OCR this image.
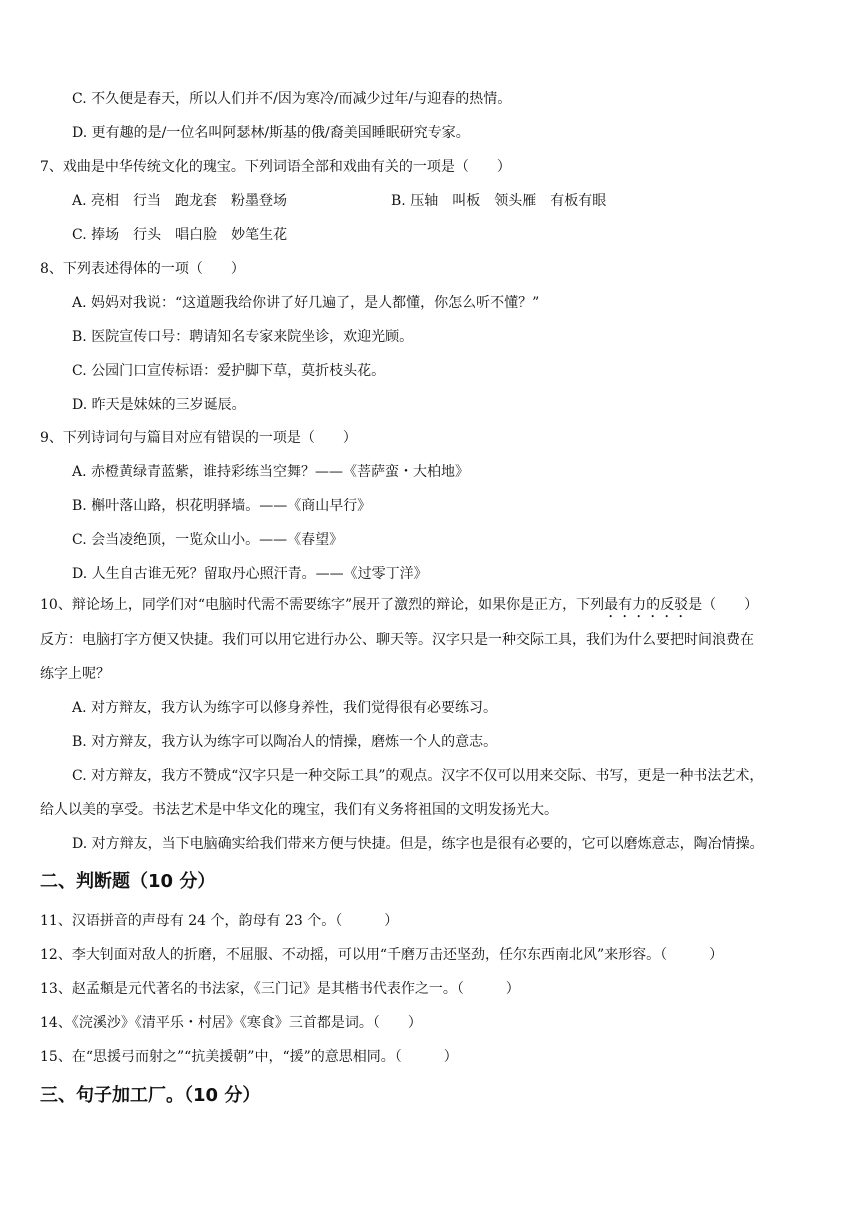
C. 不久便是春天，所以人们并不/因为寒冷/而减少过年/与迎春的热情。
D. 更有趣的是/一位名叫阿瑟林/斯基的俄/裔美国睡眠研究专家。
7、戏曲是中华传统文化的瑰宝。下列词语全部和戏曲有关的一项是（　　）
A. 亮相　行当　跑龙套　粉墨登场	B. 压轴　叫板　领头雁　有板有眼
C. 捧场　行头　唱白脸　妙笔生花
8、下列表述得体的一项（　　）
A. 妈妈对我说：“这道题我给你讲了好几遍了，是人都懂，你怎么听不懂？”
B. 医院宣传口号：聘请知名专家来院坐诊，欢迎光顾。
C. 公园门口宣传标语：爱护脚下草，莫折枝头花。
D. 昨天是妹妹的三岁诞辰。
9、下列诗词句与篇目对应有错误的一项是（　　）
A. 赤橙黄绿青蓝紫，谁持彩练当空舞？——《菩萨蛮・大柏地》
B. 槲叶落山路，枳花明驿墙。——《商山早行》
C. 会当凌绝顶，一览众山小。——《春望》
D. 人生自古谁无死？留取丹心照汗青。——《过零丁洋》
10、辩论场上，同学们对“电脑时代需不需要练字”展开了激烈的辩论，如果你是正方，下列最有力的反驳是（　　）
反方：电脑打字方便又快捷。我们可以用它进行办公、聊天等。汉字只是一种交际工具，我们为什么要把时间浪费在
练字上呢？
A. 对方辩友，我方认为练字可以修身养性，我们觉得很有必要练习。
B. 对方辩友，我方认为练字可以陶冶人的情操，磨炼一个人的意志。
C. 对方辩友，我方不赞成“汉字只是一种交际工具”的观点。汉字不仅可以用来交际、书写，更是一种书法艺术，
给人以美的享受。书法艺术是中华文化的瑰宝，我们有义务将祖国的文明发扬光大。
D. 对方辩友，当下电脑确实给我们带来方便与快捷。但是，练字也是很有必要的，它可以磨炼意志，陶冶情操。
二、判断题（10 分）
11、汉语拼音的声母有 24 个，韵母有 23 个。（　　　）
12、李大钊面对敌人的折磨，不屈服、不动摇，可以用“千磨万击还坚劲，任尔东西南北风”来形容。（　　　）
13、赵孟頫是元代著名的书法家，《三门记》是其楷书代表作之一。（　　　）
14、《浣溪沙》《清平乐・村居》《寒食》三首都是词。（　　）
15、在“思援弓而射之”“抗美援朝”中，“援”的意思相同。（　　　）
三、句子加工厂。（10 分）
